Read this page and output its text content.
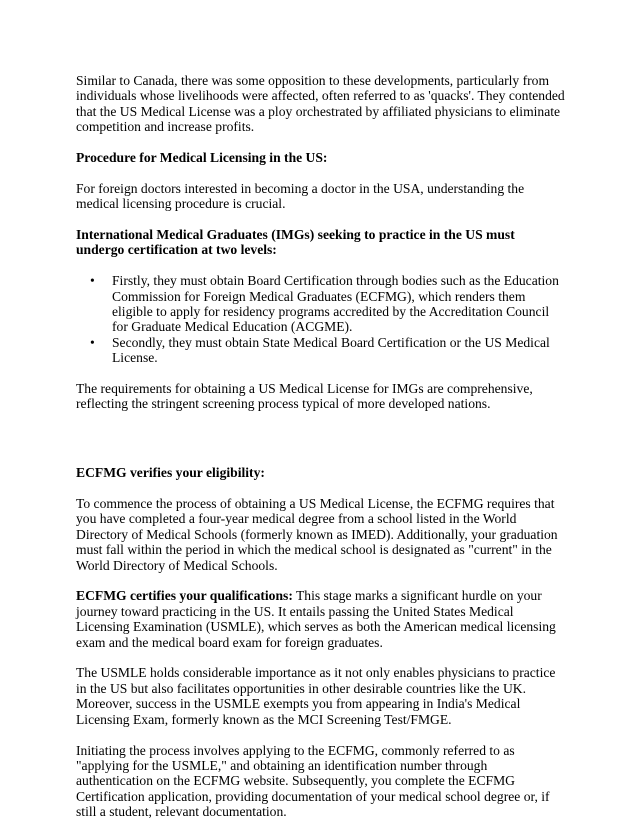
Similar to Canada, there was some opposition to these developments, particularly from individuals whose livelihoods were affected, often referred to as 'quacks'. They contended that the US Medical License was a ploy orchestrated by affiliated physicians to eliminate competition and increase profits.

Procedure for Medical Licensing in the US:

For foreign doctors interested in becoming a doctor in the USA, understanding the medical licensing procedure is crucial.

International Medical Graduates (IMGs) seeking to practice in the US must undergo certification at two levels:

• Firstly, they must obtain Board Certification through bodies such as the Education Commission for Foreign Medical Graduates (ECFMG), which renders them eligible to apply for residency programs accredited by the Accreditation Council for Graduate Medical Education (ACGME).
• Secondly, they must obtain State Medical Board Certification or the US Medical License.

The requirements for obtaining a US Medical License for IMGs are comprehensive, reflecting the stringent screening process typical of more developed nations.

ECFMG verifies your eligibility:

To commence the process of obtaining a US Medical License, the ECFMG requires that you have completed a four-year medical degree from a school listed in the World Directory of Medical Schools (formerly known as IMED). Additionally, your graduation must fall within the period in which the medical school is designated as "current" in the World Directory of Medical Schools.

ECFMG certifies your qualifications: This stage marks a significant hurdle on your journey toward practicing in the US. It entails passing the United States Medical Licensing Examination (USMLE), which serves as both the American medical licensing exam and the medical board exam for foreign graduates.

The USMLE holds considerable importance as it not only enables physicians to practice in the US but also facilitates opportunities in other desirable countries like the UK. Moreover, success in the USMLE exempts you from appearing in India's Medical Licensing Exam, formerly known as the MCI Screening Test/FMGE.

Initiating the process involves applying to the ECFMG, commonly referred to as "applying for the USMLE," and obtaining an identification number through authentication on the ECFMG website. Subsequently, you complete the ECFMG Certification application, providing documentation of your medical school degree or, if still a student, relevant documentation.
